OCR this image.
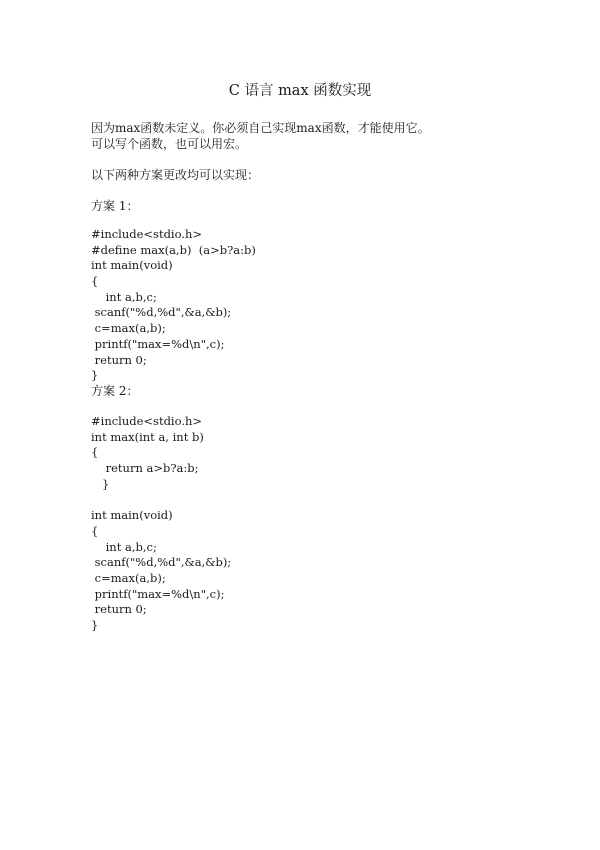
C 语言 max 函数实现
因为max函数未定义。你必须自己实现max函数，才能使用它。
可以写个函数，也可以用宏。
以下两种方案更改均可以实现：
方案 1：
#include<stdio.h>
#define max(a,b)  (a>b?a:b)
int main(void)
{
int a,b,c;
scanf("%d,%d",&a,&b);
c=max(a,b);
printf("max=%d\n",c);
return 0;
}
方案 2：
#include<stdio.h>
int max(int a, int b)
{
return a>b?a:b;
}
int main(void)
{
int a,b,c;
scanf("%d,%d",&a,&b);
c=max(a,b);
printf("max=%d\n",c);
return 0;
}
